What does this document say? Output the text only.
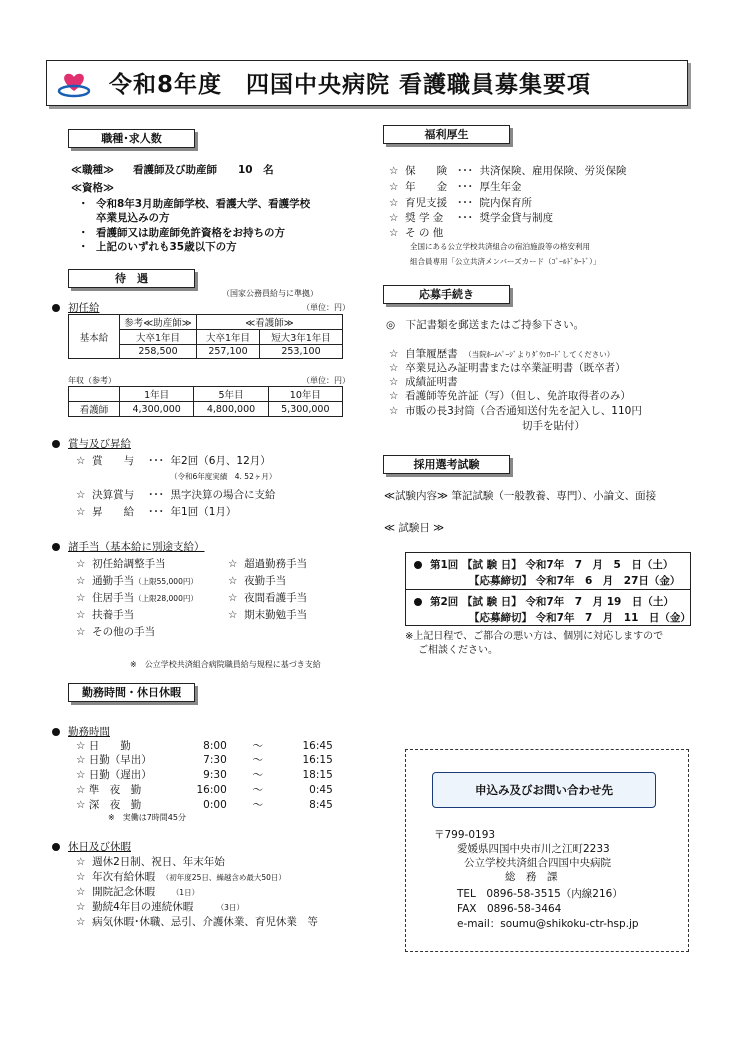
令和8年度　四国中央病院 看護職員募集要項
職種･求人数
≪職種≫ 看護師及び助産師　　10　名
≪資格≫
・ 令和8年3月助産師学校、看護大学、看護学校
卒業見込みの方
・ 看護師又は助産師免許資格をお持ちの方
・ 上記のいずれも35歳以下の方
待　遇
（国家公務員給与に準拠）
初任給	（単位：円）
基本給	参考≪助産師≫	≪看護師≫	
	大卒1年目	大卒1年目	短大3年1年目
	258,500	257,100	253,100
年収（参考）	（単位：円）
	1年目	5年目	10年目
看護師	4,300,000	4,800,000	5,300,000
賞与及び昇給
☆ 賞　　与 ･･･ 年2回（6月、12月）
（令和6年度実績　4. 52ヶ月）
☆ 決算賞与 ･･･ 黒字決算の場合に支給
☆ 昇　　給 ･･･ 年1回（1月）
諸手当（基本給に別途支給）
☆ 初任給調整手当
☆ 通勤手当（上限55,000円）
☆ 住居手当（上限28,000円）
☆ 扶養手当
☆ その他の手当
☆ 超過勤務手当
☆ 夜勤手当
☆ 夜間看護手当
☆ 期末勤勉手当
※　公立学校共済組合病院職員給与規程に基づき支給
勤務時間・休日休暇
勤務時間
☆ 日　　勤	8:00 ～	16:45
☆ 日勤（早出）	7:30 ～	16:15
☆ 日勤（遅出）	9:30 ～	18:15
☆ 準　夜　勤	16:00 ～	0:45
☆ 深　夜　勤	0:00 ～	8:45
※　実働は7時間45分
休日及び休暇
☆ 週休2日制、祝日、年末年始
☆ 年次有給休暇 （初年度25日、繰越含め最大50日）
☆ 開院記念休暇 （1日）
☆ 勤続4年目の連続休暇	（3日）
☆ 病気休暇･休職、忌引、介護休業、育児休業　等
福利厚生
☆ 保　　険 ･･･ 共済保険、雇用保険、労災保険
☆ 年　　金 ･･･ 厚生年金
☆ 育児支援 ･･･ 院内保育所
☆ 奨 学 金 ･･･ 奨学金貸与制度
☆ そ の 他
全国にある公立学校共済組合の宿泊施設等の格安利用
組合員専用「公立共済メンバーズカード（ｺﾞｰﾙﾄﾞｶｰﾄﾞ）」
応募手続き
◎　下記書類を郵送またはご持参下さい。
☆ 自筆履歴書 （当院ﾎｰﾑﾍﾟｰｼﾞよりﾀﾞｳﾝﾛｰﾄﾞしてください）
☆ 卒業見込み証明書または卒業証明書（既卒者）
☆ 成績証明書
☆ 看護師等免許証（写）（但し、免許取得者のみ）
☆ 市販の長3封筒（合否通知送付先を記入し、110円
切手を貼付）
採用選考試験
≪試験内容≫ 筆記試験（一般教養、専門）、小論文、面接
≪ 試験日 ≫
第1回 【試 験 日】 令和7年　7　月　5　日（土）
【応募締切】 令和7年　6　月　27日（金）
第2回 【試 験 日】 令和7年　7　月 19　日（土）
【応募締切】 令和7年　7　月　11　日（金）
※上記日程で、ご都合の悪い方は、個別に対応しますので
ご相談ください。
申込み及びお問い合わせ先
〒799-0193
愛媛県四国中央市川之江町2233
公立学校共済組合四国中央病院
総　務　課
TEL　0896-58-3515（内線216）
FAX　0896-58-3464
e-mail：soumu@shikoku-ctr-hsp.jp
